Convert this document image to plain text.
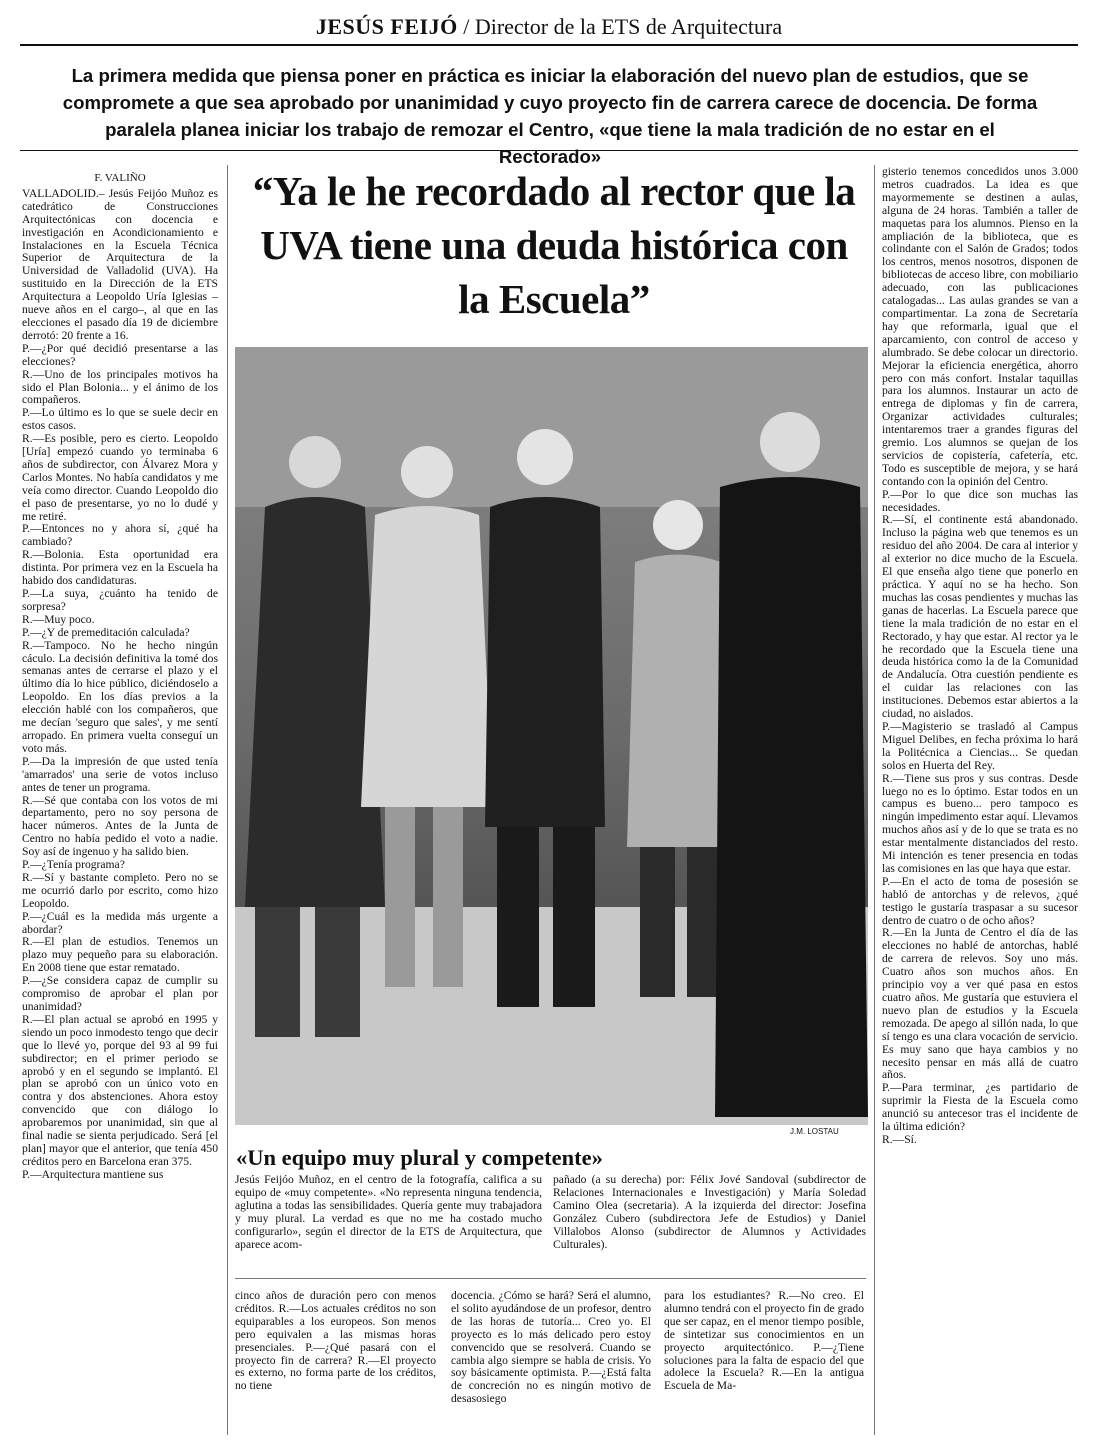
JESÚS FEIJÓ / Director de la ETS de Arquitectura
La primera medida que piensa poner en práctica es iniciar la elaboración del nuevo plan de estudios, que se compromete a que sea aprobado por unanimidad y cuyo proyecto fin de carrera carece de docencia. De forma paralela planea iniciar los trabajo de remozar el Centro, «que tiene la mala tradición de no estar en el Rectorado»
F. VALIÑO

VALLADOLID.– Jesús Feijóo Muñoz es catedrático de Construcciones Arquitectónicas con docencia e investigación en Acondicionamiento e Instalaciones en la Escuela Técnica Superior de Arquitectura de la Universidad de Valladolid (UVA). Ha sustituido en la Dirección de la ETS Arquitectura a Leopoldo Uría Iglesias –nueve años en el cargo–, al que en las elecciones el pasado día 19 de diciembre derrotó: 20 frente a 16.

P.—¿Por qué decidió presentarse a las elecciones?

R.—Uno de los principales motivos ha sido el Plan Bolonia... y el ánimo de los compañeros.

P.—Lo último es lo que se suele decir en estos casos.

R.—Es posible, pero es cierto. Leopoldo [Uría] empezó cuando yo terminaba 6 años de subdirector, con Álvarez Mora y Carlos Montes. No había candidatos y me veía como director. Cuando Leopoldo dio el paso de presentarse, yo no lo dudé y me retiré.

P.—Entonces no y ahora sí, ¿qué ha cambiado?

R.—Bolonia. Esta oportunidad era distinta. Por primera vez en la Escuela ha habido dos candidaturas.

P.—La suya, ¿cuánto ha tenido de sorpresa?

R.—Muy poco.

P.—¿Y de premeditación calculada?

R.—Tampoco. No he hecho ningún cáculo. La decisión definitiva la tomé dos semanas antes de cerrarse el plazo y el último día lo hice público, diciéndoselo a Leopoldo. En los días previos a la elección hablé con los compañeros, que me decían 'seguro que sales', y me sentí arropado. En primera vuelta conseguí un voto más.

P.—Da la impresión de que usted tenía 'amarrados' una serie de votos incluso antes de tener un programa.

R.—Sé que contaba con los votos de mi departamento, pero no soy persona de hacer números. Antes de la Junta de Centro no había pedido el voto a nadie. Soy así de ingenuo y ha salido bien.

P.—¿Tenía programa?

R.—Sí y bastante completo. Pero no se me ocurrió darlo por escrito, como hizo Leopoldo.

P.—¿Cuál es la medida más urgente a abordar?

R.—El plan de estudios. Tenemos un plazo muy pequeño para su elaboración. En 2008 tiene que estar rematado.

P.—¿Se considera capaz de cumplir su compromiso de aprobar el plan por unanimidad?

R.—El plan actual se aprobó en 1995 y siendo un poco inmodesto tengo que decir que lo llevé yo, porque del 93 al 99 fui subdirector; en el primer periodo se aprobó y en el segundo se implantó. El plan se aprobó con un único voto en contra y dos abstenciones. Ahora estoy convencido que con diálogo lo aprobaremos por unanimidad, sin que al final nadie se sienta perjudicado. Será [el plan] mayor que el anterior, que tenía 450 créditos pero en Barcelona eran 375.

P.—Arquitectura mantiene sus

“Ya le he recordado al rector que la UVA tiene una deuda histórica con la Escuela”
J.M. LOSTAU
«Un equipo muy plural y competente»

Jesús Feijóo Muñoz, en el centro de la fotografía, califica a su equipo de «muy competente». «No representa ninguna tendencia, aglutina a todas las sensibilidades. Quería gente muy trabajadora y muy plural. La verdad es que no me ha costado mucho configurarlo», según el director de la ETS de Arquitectura, que aparece acom-

pañado (a su derecha) por: Félix Jové Sandoval (subdirector de Relaciones Internacionales e Investigación) y María Soledad Camino Olea (secretaria). A la izquierda del director: Josefina González Cubero (subdirectora Jefe de Estudios) y Daniel Villalobos Alonso (subdirector de Alumnos y Actividades Culturales).

cinco años de duración pero con menos créditos. R.—Los actuales créditos no son equiparables a los europeos. Son menos pero equivalen a las mismas horas presenciales. P.—¿Qué pasará con el proyecto fin de carrera? R.—El proyecto es externo, no forma parte de los créditos, no tiene

docencia. ¿Cómo se hará? Será el alumno, el solito ayudándose de un profesor, dentro de las horas de tutoría... Creo yo. El proyecto es lo más delicado pero estoy convencido que se resolverá. Cuando se cambia algo siempre se habla de crisis. Yo soy básicamente optimista. P.—¿Está falta de concreción no es ningún motivo de desasosiego

para los estudiantes? R.—No creo. El alumno tendrá con el proyecto fin de grado que ser capaz, en el menor tiempo posible, de sintetizar sus conocimientos en un proyecto arquitectónico. P.—¿Tiene soluciones para la falta de espacio del que adolece la Escuela? R.—En la antigua Escuela de Ma-

gisterio tenemos concedidos unos 3.000 metros cuadrados. La idea es que mayormemente se destinen a aulas, alguna de 24 horas. También a taller de maquetas para los alumnos. Pienso en la ampliación de la biblioteca, que es colindante con el Salón de Grados; todos los centros, menos nosotros, disponen de bibliotecas de acceso libre, con mobiliario adecuado, con las publicaciones catalogadas... Las aulas grandes se van a compartimentar. La zona de Secretaría hay que reformarla, igual que el aparcamiento, con control de acceso y alumbrado. Se debe colocar un directorio. Mejorar la eficiencia energética, ahorro pero con más confort. Instalar taquillas para los alumnos. Instaurar un acto de entrega de diplomas y fin de carrera, Organizar actividades culturales; intentaremos traer a grandes figuras del gremio. Los alumnos se quejan de los servicios de copistería, cafetería, etc. Todo es susceptible de mejora, y se hará contando con la opinión del Centro.

P.—Por lo que dice son muchas las necesidades.

R.—Sí, el continente está abandonado. Incluso la página web que tenemos es un residuo del año 2004. De cara al interior y al exterior no dice mucho de la Escuela. El que enseña algo tiene que ponerlo en práctica. Y aquí no se ha hecho. Son muchas las cosas pendientes y muchas las ganas de hacerlas. La Escuela parece que tiene la mala tradición de no estar en el Rectorado, y hay que estar. Al rector ya le he recordado que la Escuela tiene una deuda histórica como la de la Comunidad de Andalucía. Otra cuestión pendiente es el cuidar las relaciones con las instituciones. Debemos estar abiertos a la ciudad, no aislados.

P.—Magisterio se trasladó al Campus Miguel Delibes, en fecha próxima lo hará la Politécnica a Ciencias... Se quedan solos en Huerta del Rey.

R.—Tiene sus pros y sus contras. Desde luego no es lo óptimo. Estar todos en un campus es bueno... pero tampoco es ningún impedimento estar aquí. Llevamos muchos años así y de lo que se trata es no estar mentalmente distanciados del resto. Mi intención es tener presencia en todas las comisiones en las que haya que estar.

P.—En el acto de toma de posesión se habló de antorchas y de relevos, ¿qué testigo le gustaría traspasar a su sucesor dentro de cuatro o de ocho años?

R.—En la Junta de Centro el día de las elecciones no hablé de antorchas, hablé de carrera de relevos. Soy uno más. Cuatro años son muchos años. En principio voy a ver qué pasa en estos cuatro años. Me gustaría que estuviera el nuevo plan de estudios y la Escuela remozada. De apego al sillón nada, lo que sí tengo es una clara vocación de servicio. Es muy sano que haya cambios y no necesito pensar en más allá de cuatro años.

P.—Para terminar, ¿es partidario de suprimir la Fiesta de la Escuela como anunció su antecesor tras el incidente de la última edición?

R.—Sí.
